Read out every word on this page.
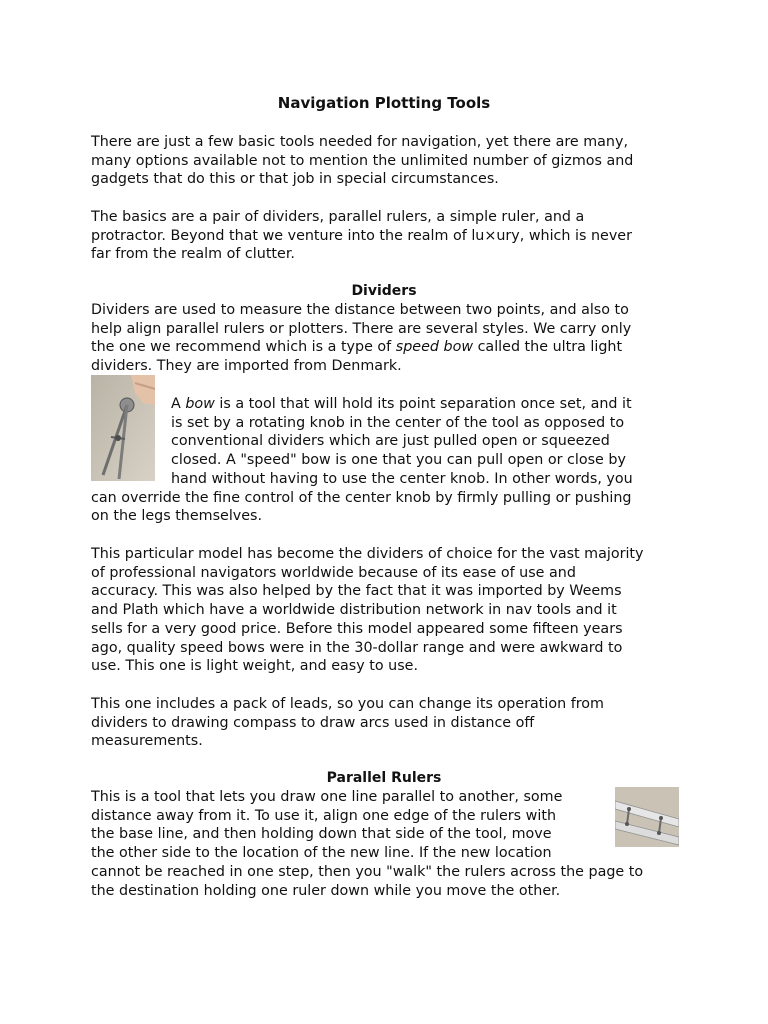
Navigation Plotting Tools

There are just a few basic tools needed for navigation, yet there are many,
many options available not to mention the unlimited number of gizmos and
gadgets that do this or that job in special circumstances.

The basics are a pair of dividers, parallel rulers, a simple ruler, and a
protractor. Beyond that we venture into the realm of lu×ury, which is never
far from the realm of clutter.

Dividers

Dividers are used to measure the distance between two points, and also to
help align parallel rulers or plotters. There are several styles. We carry only
the one we recommend which is a type of speed bow called the ultra light
dividers. They are imported from Denmark.

A bow is a tool that will hold its point separation once set, and it
is set by a rotating knob in the center of the tool as opposed to
conventional dividers which are just pulled open or squeezed
closed. A "speed" bow is one that you can pull open or close by
hand without having to use the center knob. In other words, you
can override the fine control of the center knob by firmly pulling or pushing
on the legs themselves.

This particular model has become the dividers of choice for the vast majority
of professional navigators worldwide because of its ease of use and
accuracy. This was also helped by the fact that it was imported by Weems
and Plath which have a worldwide distribution network in nav tools and it
sells for a very good price. Before this model appeared some fifteen years
ago, quality speed bows were in the 30-dollar range and were awkward to
use. This one is light weight, and easy to use.

This one includes a pack of leads, so you can change its operation from
dividers to drawing compass to draw arcs used in distance off
measurements.

Parallel Rulers

This is a tool that lets you draw one line parallel to another, some
distance away from it. To use it, align one edge of the rulers with
the base line, and then holding down that side of the tool, move
the other side to the location of the new line. If the new location
cannot be reached in one step, then you "walk" the rulers across the page to
the destination holding one ruler down while you move the other.
